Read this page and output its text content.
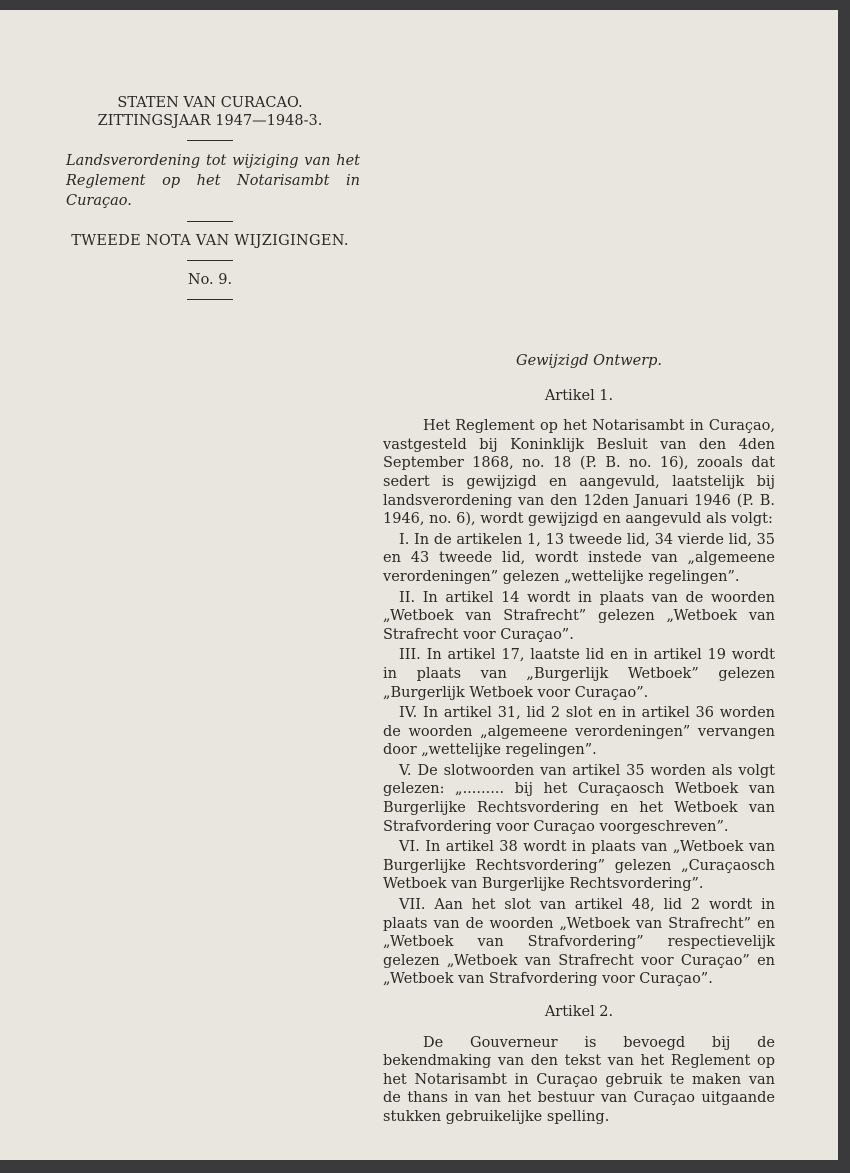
STATEN VAN CURACAO.

ZITTINGSJAAR 1947—1948-3.

Landsverordening tot wijziging van het Reglement op het Notarisambt in Curaçao.

TWEEDE NOTA VAN WIJZIGINGEN.

No. 9.

Gewijzigd Ontwerp.

Artikel 1.

Het Reglement op het Notarisambt in Curaçao, vastgesteld bij Koninklijk Besluit van den 4den September 1868, no. 18 (P. B. no. 16), zooals dat sedert is gewijzigd en aangevuld, laatstelijk bij landsverordening van den 12den Januari 1946 (P. B. 1946, no. 6), wordt gewijzigd en aangevuld als volgt:

I. In de artikelen 1, 13 tweede lid, 34 vierde lid, 35 en 43 tweede lid, wordt instede van „algemeene verordeningen” gelezen „wettelijke regelingen”.

II. In artikel 14 wordt in plaats van de woorden „Wetboek van Strafrecht” gelezen „Wetboek van Strafrecht voor Curaçao”.

III. In artikel 17, laatste lid en in artikel 19 wordt in plaats van „Burgerlijk Wetboek” gelezen „Burgerlijk Wetboek voor Curaçao”.

IV. In artikel 31, lid 2 slot en in artikel 36 worden de woorden „algemeene verordeningen” vervangen door „wettelijke regelingen”.

V. De slotwoorden van artikel 35 worden als volgt gelezen: „......... bij het Curaçaosch Wetboek van Burgerlijke Rechtsvordering en het Wetboek van Strafvordering voor Curaçao voorgeschreven”.

VI. In artikel 38 wordt in plaats van „Wetboek van Burgerlijke Rechtsvordering” gelezen „Curaçaosch Wetboek van Burgerlijke Rechtsvordering”.

VII. Aan het slot van artikel 48, lid 2 wordt in plaats van de woorden „Wetboek van Strafrecht” en „Wetboek van Strafvordering” respectievelijk gelezen „Wetboek van Strafrecht voor Curaçao” en „Wetboek van Strafvordering voor Curaçao”.

Artikel 2.

De Gouverneur is bevoegd bij de bekendmaking van den tekst van het Reglement op het Notarisambt in Curaçao gebruik te maken van de thans in van het bestuur van Curaçao uitgaande stukken gebruikelijke spelling.
